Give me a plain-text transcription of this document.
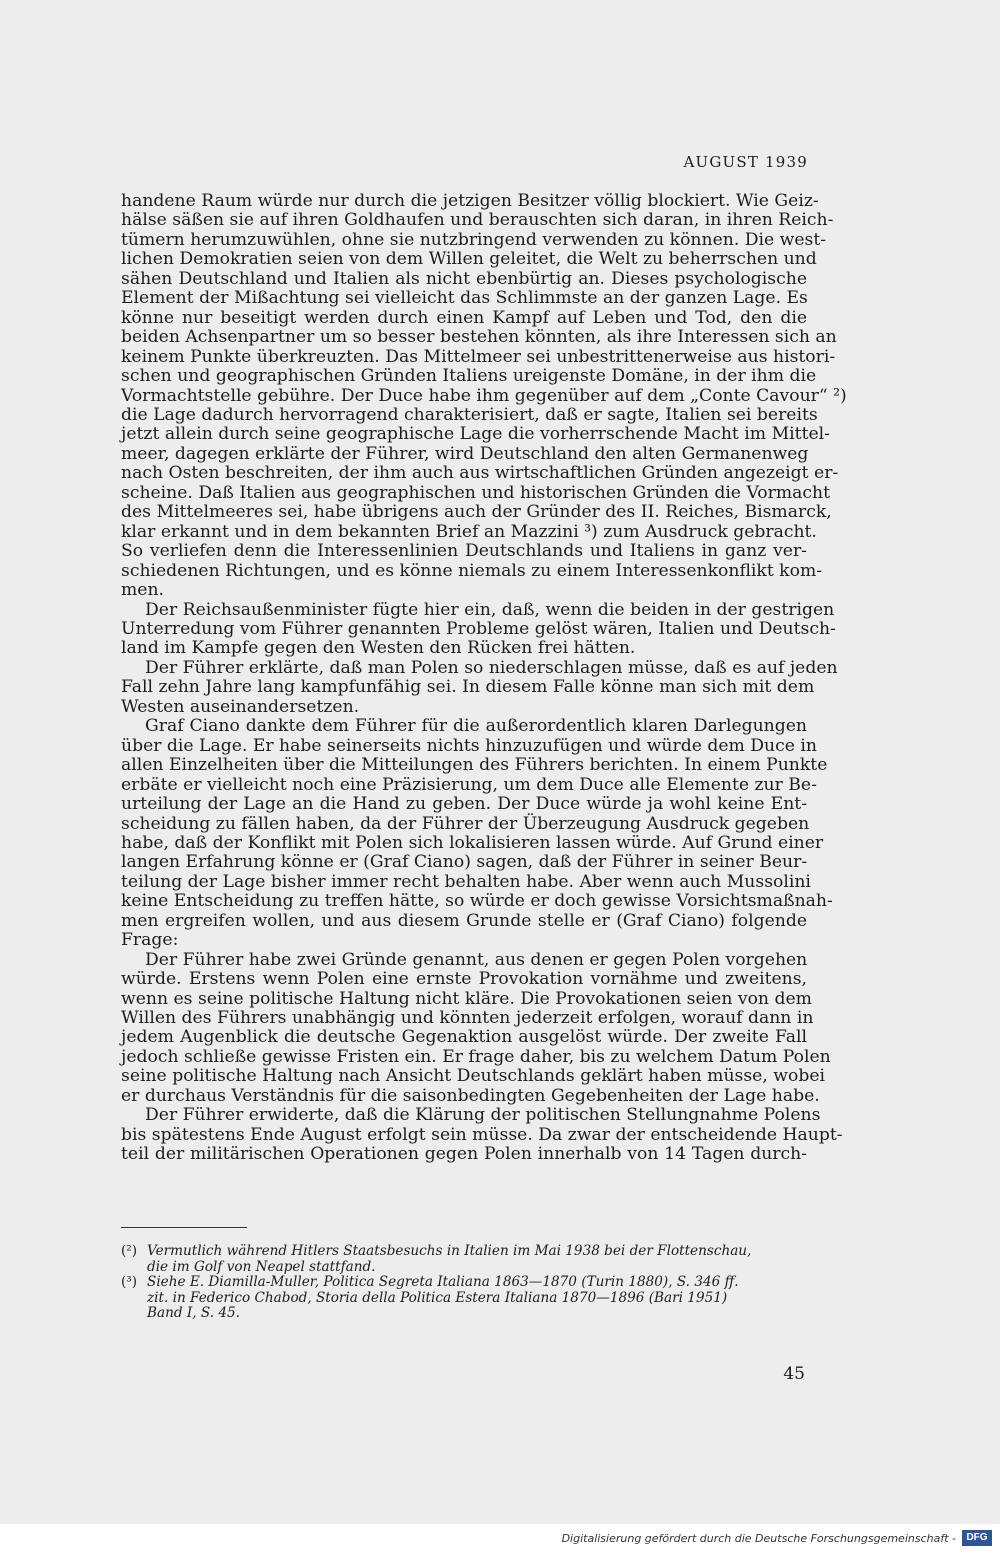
AUGUST 1939
handene Raum würde nur durch die jetzigen Besitzer völlig blockiert. Wie Geiz-
hälse säßen sie auf ihren Goldhaufen und berauschten sich daran, in ihren Reich-
tümern herumzuwühlen, ohne sie nutzbringend verwenden zu können. Die west-
lichen Demokratien seien von dem Willen geleitet, die Welt zu beherrschen und
sähen Deutschland und Italien als nicht ebenbürtig an. Dieses psychologische
Element der Mißachtung sei vielleicht das Schlimmste an der ganzen Lage. Es
könne nur beseitigt werden durch einen Kampf auf Leben und Tod, den die
beiden Achsenpartner um so besser bestehen könnten, als ihre Interessen sich an
keinem Punkte überkreuzten. Das Mittelmeer sei unbestrittenerweise aus histori-
schen und geographischen Gründen Italiens ureigenste Domäne, in der ihm die
Vormachtstelle gebühre. Der Duce habe ihm gegenüber auf dem „Conte Cavour“ ²)
die Lage dadurch hervorragend charakterisiert, daß er sagte, Italien sei bereits
jetzt allein durch seine geographische Lage die vorherrschende Macht im Mittel-
meer, dagegen erklärte der Führer, wird Deutschland den alten Germanenweg
nach Osten beschreiten, der ihm auch aus wirtschaftlichen Gründen angezeigt er-
scheine. Daß Italien aus geographischen und historischen Gründen die Vormacht
des Mittelmeeres sei, habe übrigens auch der Gründer des II. Reiches, Bismarck,
klar erkannt und in dem bekannten Brief an Mazzini ³) zum Ausdruck gebracht.
So verliefen denn die Interessenlinien Deutschlands und Italiens in ganz ver-
schiedenen Richtungen, und es könne niemals zu einem Interessenkonflikt kom-
men.
Der Reichsaußenminister fügte hier ein, daß, wenn die beiden in der gestrigen
Unterredung vom Führer genannten Probleme gelöst wären, Italien und Deutsch-
land im Kampfe gegen den Westen den Rücken frei hätten.
Der Führer erklärte, daß man Polen so niederschlagen müsse, daß es auf jeden
Fall zehn Jahre lang kampfunfähig sei. In diesem Falle könne man sich mit dem
Westen auseinandersetzen.
Graf Ciano dankte dem Führer für die außerordentlich klaren Darlegungen
über die Lage. Er habe seinerseits nichts hinzuzufügen und würde dem Duce in
allen Einzelheiten über die Mitteilungen des Führers berichten. In einem Punkte
erbäte er vielleicht noch eine Präzisierung, um dem Duce alle Elemente zur Be-
urteilung der Lage an die Hand zu geben. Der Duce würde ja wohl keine Ent-
scheidung zu fällen haben, da der Führer der Überzeugung Ausdruck gegeben
habe, daß der Konflikt mit Polen sich lokalisieren lassen würde. Auf Grund einer
langen Erfahrung könne er (Graf Ciano) sagen, daß der Führer in seiner Beur-
teilung der Lage bisher immer recht behalten habe. Aber wenn auch Mussolini
keine Entscheidung zu treffen hätte, so würde er doch gewisse Vorsichtsmaßnah-
men ergreifen wollen, und aus diesem Grunde stelle er (Graf Ciano) folgende
Frage:
Der Führer habe zwei Gründe genannt, aus denen er gegen Polen vorgehen
würde. Erstens wenn Polen eine ernste Provokation vornähme und zweitens,
wenn es seine politische Haltung nicht kläre. Die Provokationen seien von dem
Willen des Führers unabhängig und könnten jederzeit erfolgen, worauf dann in
jedem Augenblick die deutsche Gegenaktion ausgelöst würde. Der zweite Fall
jedoch schließe gewisse Fristen ein. Er frage daher, bis zu welchem Datum Polen
seine politische Haltung nach Ansicht Deutschlands geklärt haben müsse, wobei
er durchaus Verständnis für die saisonbedingten Gegebenheiten der Lage habe.
Der Führer erwiderte, daß die Klärung der politischen Stellungnahme Polens
bis spätestens Ende August erfolgt sein müsse. Da zwar der entscheidende Haupt-
teil der militärischen Operationen gegen Polen innerhalb von 14 Tagen durch-
(²) Vermutlich während Hitlers Staatsbesuchs in Italien im Mai 1938 bei der Flottenschau,
die im Golf von Neapel stattfand.
(³) Siehe E. Diamilla-Muller, Politica Segreta Italiana 1863—1870 (Turin 1880), S. 346 ff.
zit. in Federico Chabod, Storia della Politica Estera Italiana 1870—1896 (Bari 1951)
Band I, S. 45.
45
Digitalisierung gefördert durch die Deutsche Forschungsgemeinschaft -	DFG
